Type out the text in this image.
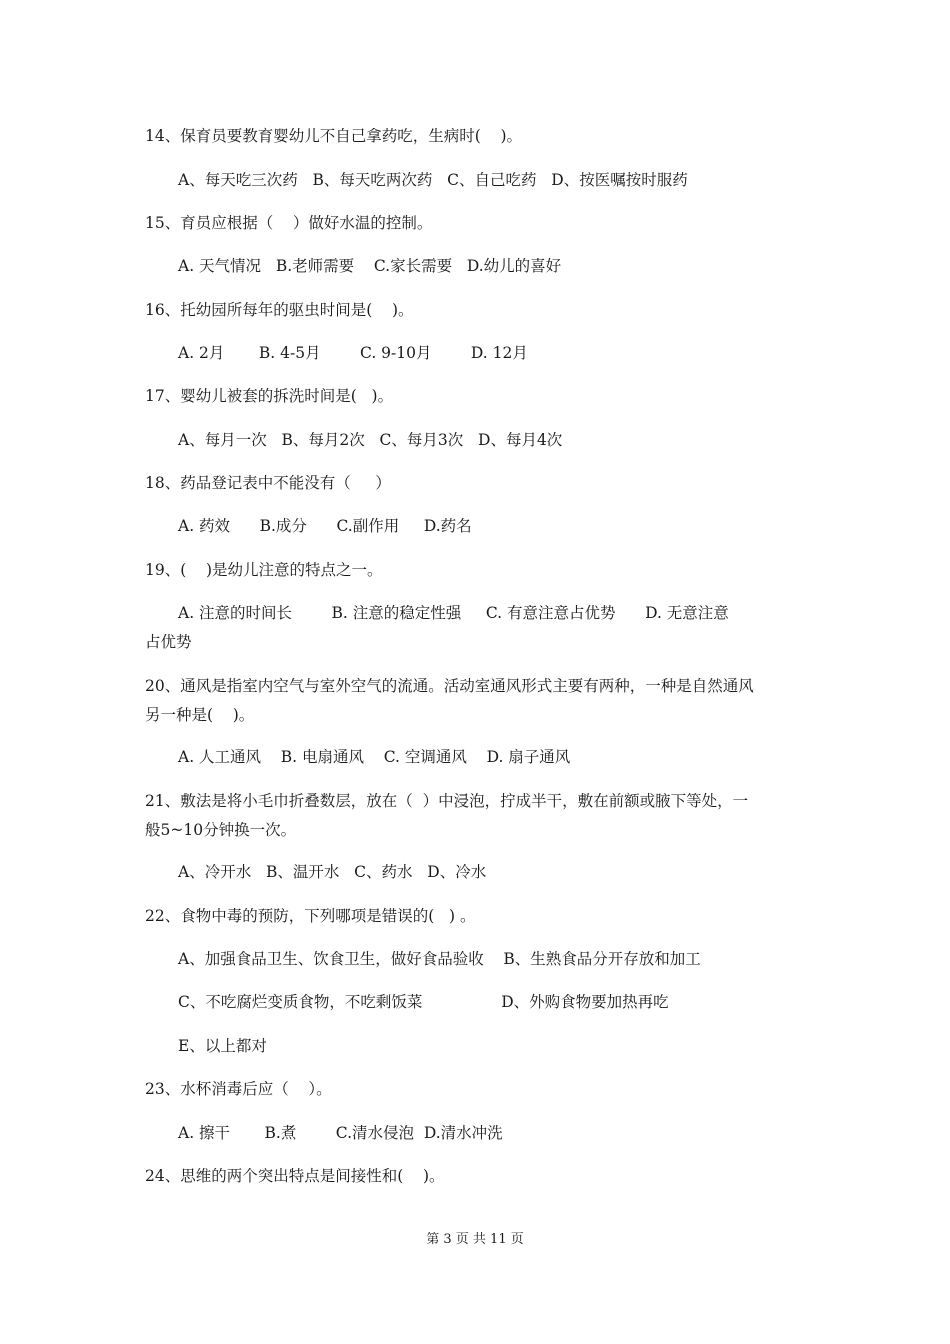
14、保育员要教育婴幼儿不自己拿药吃，生病时(    )。
A、每天吃三次药   B、每天吃两次药   C、自己吃药   D、按医嘱按时服药
15、育员应根据（    ）做好水温的控制。
A. 天气情况   B.老师需要    C.家长需要   D.幼儿的喜好
16、托幼园所每年的驱虫时间是(    )。
A. 2月       B. 4-5月        C. 9-10月        D. 12月
17、婴幼儿被套的拆洗时间是(   )。
A、每月一次   B、每月2次   C、每月3次   D、每月4次
18、药品登记表中不能没有（     ）
A. 药效      B.成分      C.副作用     D.药名
19、(    )是幼儿注意的特点之一。
A. 注意的时间长        B. 注意的稳定性强     C. 有意注意占优势      D. 无意注意
占优势
20、通风是指室内空气与室外空气的流通。活动室通风形式主要有两种，一种是自然通风
另一种是(    )。
A. 人工通风    B. 电扇通风    C. 空调通风    D. 扇子通风
21、敷法是将小毛巾折叠数层，放在（  ）中浸泡，拧成半干，敷在前额或腋下等处，一
般5~10分钟换一次。
A、冷开水   B、温开水   C、药水   D、冷水
22、食物中毒的预防，下列哪项是错误的(   ) 。
A、加强食品卫生、饮食卫生，做好食品验收    B、生熟食品分开存放和加工
C、不吃腐烂变质食物，不吃剩饭菜                D、外购食物要加热再吃
E、以上都对
23、水杯消毒后应（    ）。
A. 擦干       B.煮        C.清水侵泡  D.清水冲洗
24、思维的两个突出特点是间接性和(    )。
第 3 页 共 11 页
